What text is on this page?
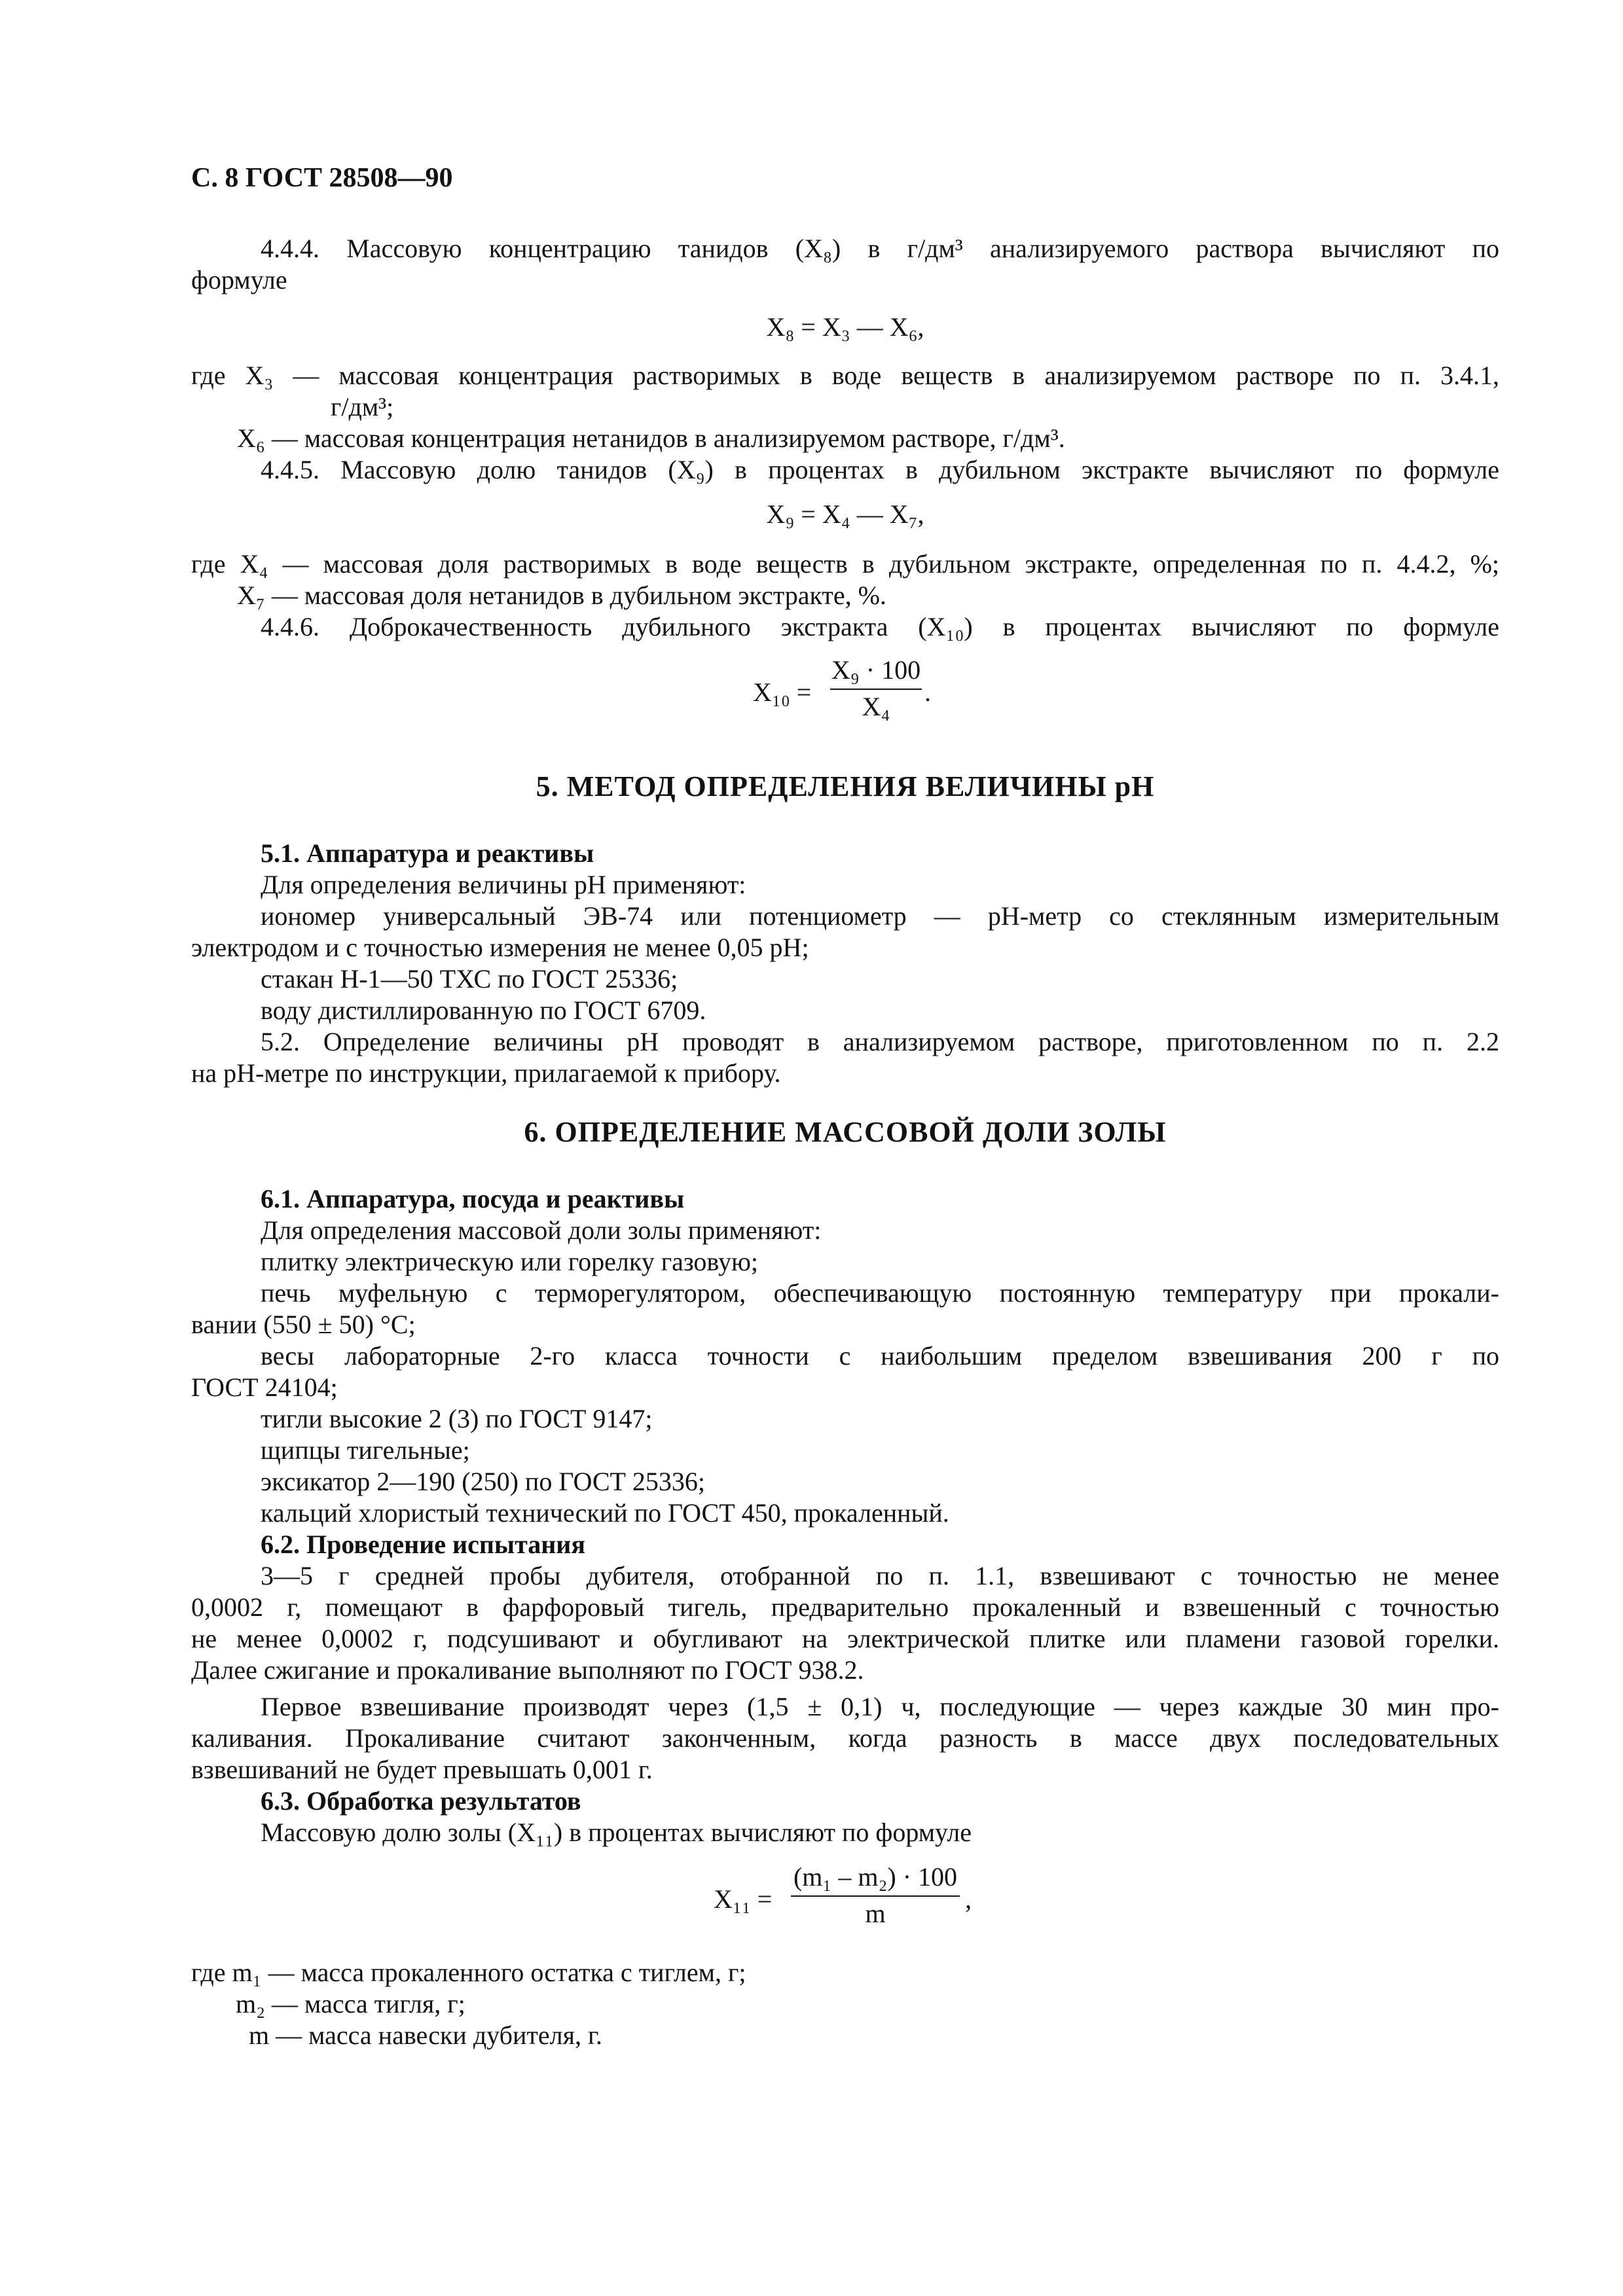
С. 8 ГОСТ 28508—90
4.4.4. Массовую концентрацию танидов (X₈) в г/дм³ анализируемого раствора вычисляют по
формуле
X₈ = X₃ — X₆,
где X₃ — массовая концентрация растворимых в воде веществ в анализируемом растворе по п. 3.4.1,
г/дм³;
X₆ — массовая концентрация нетанидов в анализируемом растворе, г/дм³.
4.4.5. Массовую долю танидов (X₉) в процентах в дубильном экстракте вычисляют по формуле
X₉ = X₄ — X₇,
где X₄ — массовая доля растворимых в воде веществ в дубильном экстракте, определенная по п. 4.4.2, %;
X₇ — массовая доля нетанидов в дубильном экстракте, %.
4.4.6. Доброкачественность дубильного экстракта (X₁₀) в процентах вычисляют по формуле
X₁₀ =
X₉ · 100
X₄	.
5. МЕТОД ОПРЕДЕЛЕНИЯ ВЕЛИЧИНЫ pH
5.1. Аппаратура и реактивы
Для определения величины pH применяют:
иономер универсальный ЭВ-74 или потенциометр — pH-метр со стеклянным измерительным
электродом и с точностью измерения не менее 0,05 pH;
стакан Н-1—50 ТХС по ГОСТ 25336;
воду дистиллированную по ГОСТ 6709.
5.2. Определение величины pH проводят в анализируемом растворе, приготовленном по п. 2.2
на pH-метре по инструкции, прилагаемой к прибору.
6. ОПРЕДЕЛЕНИЕ МАССОВОЙ ДОЛИ ЗОЛЫ
6.1. Аппаратура, посуда и реактивы
Для определения массовой доли золы применяют:
плитку электрическую или горелку газовую;
печь муфельную с терморегулятором, обеспечивающую постоянную температуру при прокали-
вании (550 ± 50) °С;
весы лабораторные 2-го класса точности с наибольшим пределом взвешивания 200 г по
ГОСТ 24104;
тигли высокие 2 (3) по ГОСТ 9147;
щипцы тигельные;
эксикатор 2—190 (250) по ГОСТ 25336;
кальций хлористый технический по ГОСТ 450, прокаленный.
6.2. Проведение испытания
3—5 г средней пробы дубителя, отобранной по п. 1.1, взвешивают с точностью не менее
0,0002 г, помещают в фарфоровый тигель, предварительно прокаленный и взвешенный с точностью
не менее 0,0002 г, подсушивают и обугливают на электрической плитке или пламени газовой горелки.
Далее сжигание и прокаливание выполняют по ГОСТ 938.2.
Первое взвешивание производят через (1,5 ± 0,1) ч, последующие — через каждые 30 мин про-
каливания. Прокаливание считают законченным, когда разность в массе двух последовательных
взвешиваний не будет превышать 0,001 г.
6.3. Обработка результатов
Массовую долю золы (X₁₁) в процентах вычисляют по формуле
X₁₁ =
(m₁ – m₂) · 100
m	,
где m₁ — масса прокаленного остатка с тиглем, г;
m₂ — масса тигля, г;
m — масса навески дубителя, г.
